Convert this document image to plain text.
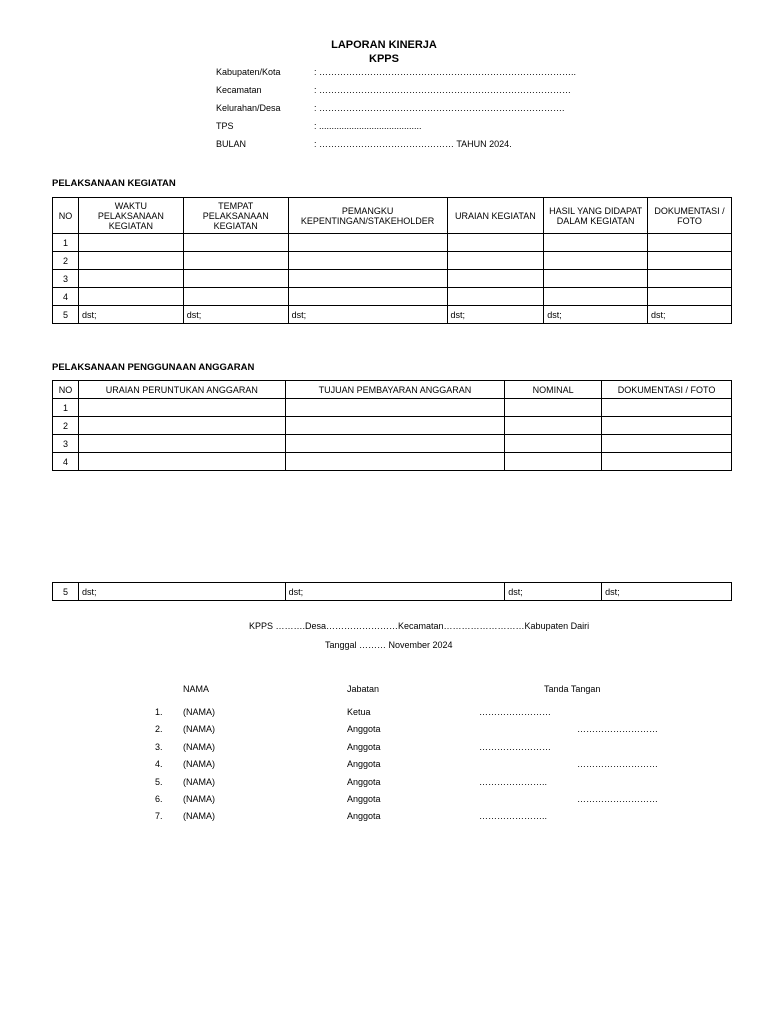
LAPORAN KINERJA
KPPS
Kabupaten/Kota	: …………………………………………………………………………..
Kecamatan	: …………………………………………………………………………
Kelurahan/Desa	: ……………………………………………………………………….
TPS	: .........................................
BULAN	: ……………………………………… TAHUN 2024.
PELAKSANAAN KEGIATAN
NO	WAKTU PELAKSANAAN KEGIATAN	TEMPAT PELAKSANAAN KEGIATAN	PEMANGKU KEPENTINGAN/STAKEHOLDER	URAIAN KEGIATAN	HASIL YANG DIDAPAT DALAM KEGIATAN	DOKUMENTASI / FOTO
1						
2						
3						
4						
5	dst;	dst;	dst;	dst;	dst;	dst;
PELAKSANAAN PENGGUNAAN ANGGARAN
NO	URAIAN PERUNTUKAN ANGGARAN	TUJUAN PEMBAYARAN ANGGARAN	NOMINAL	DOKUMENTASI / FOTO
1				
2				
3				
4				
5	dst;	dst;	dst;	dst;
KPPS ……….Desa……………………Kecamatan………………………Kabupaten Dairi
Tanggal ……… November 2024
NAMA	Jabatan	Tanda Tangan
1. (NAMA)	Ketua	……………………
2. (NAMA)	Anggota	………………………
3. (NAMA)	Anggota	……………………
4. (NAMA)	Anggota	………………………
5. (NAMA)	Anggota	…………………..
6. (NAMA)	Anggota	………………………
7. (NAMA)	Anggota	…………………..
